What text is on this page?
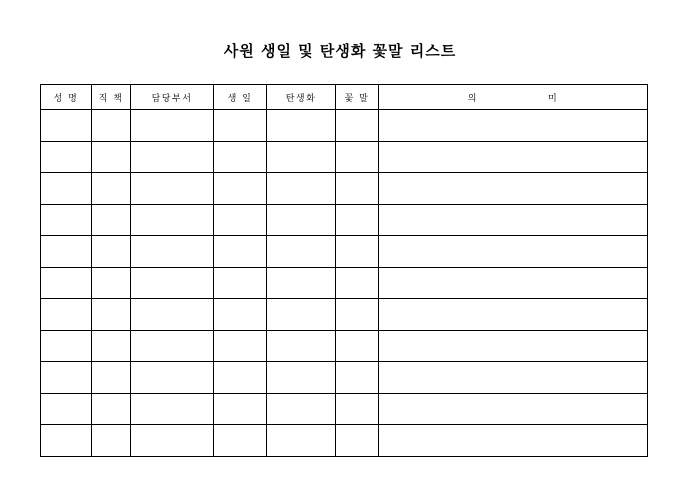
사원 생일 및 탄생화 꽃말 리스트
성 명	직 책	담당부서	생 일	탄생화	꽃 말	의 미
